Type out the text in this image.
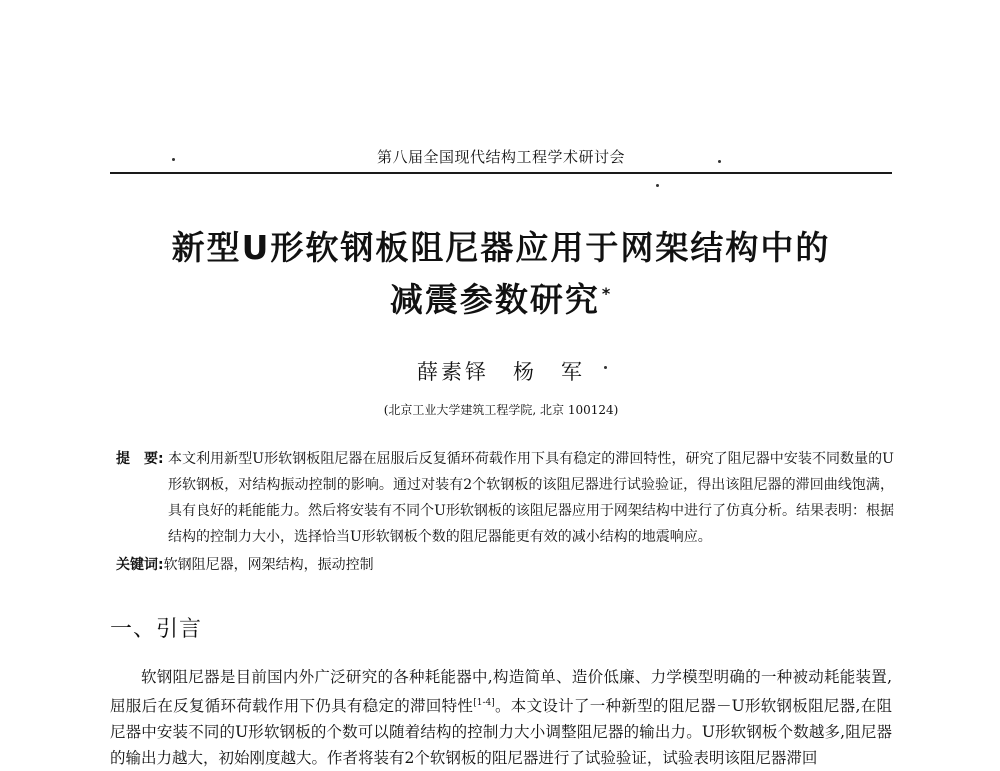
第八届全国现代结构工程学术研讨会
新型U形软钢板阻尼器应用于网架结构中的
减震参数研究 *
薛素铎　杨　军
(北京工业大学建筑工程学院, 北京 100124)
提　要: 本文利用新型U形软钢板阻尼器在屈服后反复循环荷载作用下具有稳定的滞回特性，研究了阻尼器中安装不同数量的U形软钢板，对结构振动控制的影响。通过对装有2个软钢板的该阻尼器进行试验验证，得出该阻尼器的滞回曲线饱满，具有良好的耗能能力。然后将安装有不同个U形软钢板的该阻尼器应用于网架结构中进行了仿真分析。结果表明：根据结构的控制力大小，选择恰当U形软钢板个数的阻尼器能更有效的减小结构的地震响应。
关键词:软钢阻尼器，网架结构，振动控制
一、引言
软钢阻尼器是目前国内外广泛研究的各种耗能器中,构造简单、造价低廉、力学模型明确的一种被动耗能装置,屈服后在反复循环荷载作用下仍具有稳定的滞回特性[1-4]。本文设计了一种新型的阻尼器－U形软钢板阻尼器,在阻尼器中安装不同的U形软钢板的个数可以随着结构的控制力大小调整阻尼器的输出力。U形软钢板个数越多,阻尼器的输出力越大，初始刚度越大。作者将装有2个软钢板的阻尼器进行了试验验证，试验表明该阻尼器滞回
